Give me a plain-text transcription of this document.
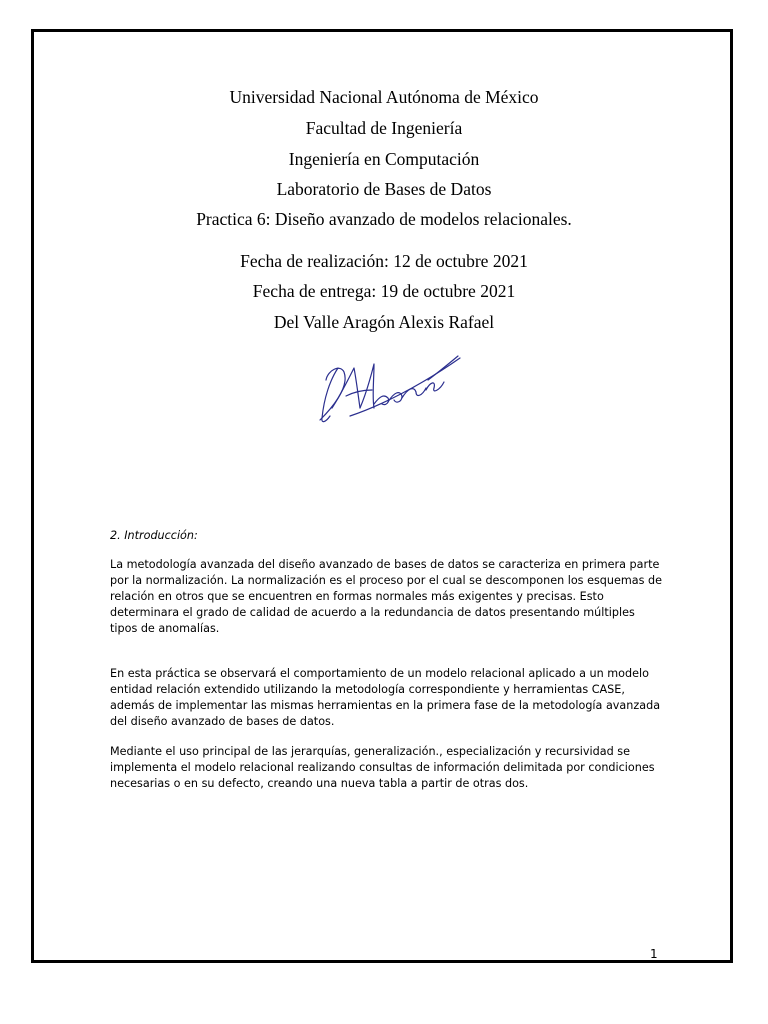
Universidad Nacional Autónoma de México
Facultad de Ingeniería
Ingeniería en Computación
Laboratorio de Bases de Datos
Practica 6: Diseño avanzado de modelos relacionales.
Fecha de realización: 12 de octubre 2021
Fecha de entrega: 19 de octubre 2021
Del Valle Aragón Alexis Rafael

2. Introducción:

La metodología avanzada del diseño avanzado de bases de datos se caracteriza en primera parte por la normalización. La normalización es el proceso por el cual se descomponen los esquemas de relación en otros que se encuentren en formas normales más exigentes y precisas. Esto determinara el grado de calidad de acuerdo a la redundancia de datos presentando múltiples tipos de anomalías.

En esta práctica se observará el comportamiento de un modelo relacional aplicado a un modelo entidad relación extendido utilizando la metodología correspondiente y herramientas CASE, además de implementar las mismas herramientas en la primera fase de la metodología avanzada del diseño avanzado de bases de datos.

Mediante el uso principal de las jerarquías, generalización., especialización y recursividad se implementa el modelo relacional realizando consultas de información delimitada por condiciones necesarias o en su defecto, creando una nueva tabla a partir de otras dos.

1
